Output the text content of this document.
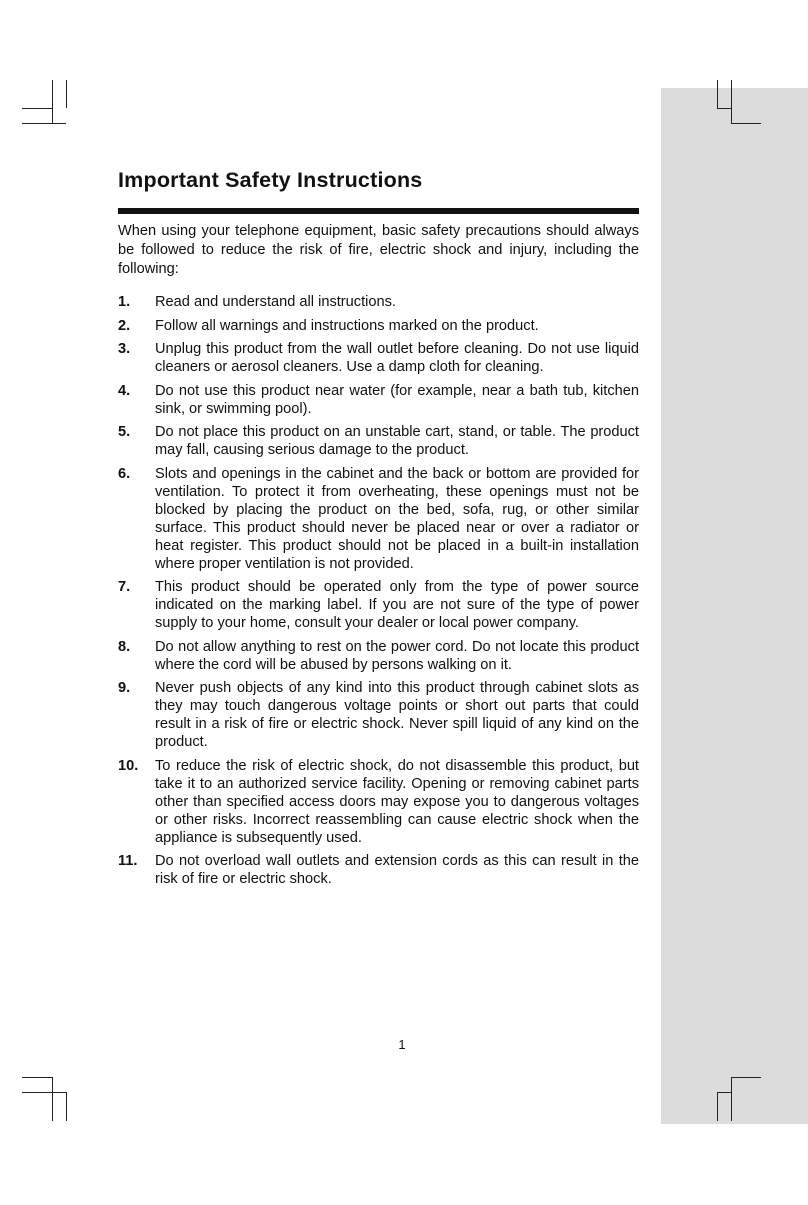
Important Safety Instructions

When using your telephone equipment, basic safety precautions should always be followed to reduce the risk of fire, electric shock and injury, including the following:

1.	Read and understand all instructions.
2.	Follow all warnings and instructions marked on the product.
3.	Unplug this product from the wall outlet before cleaning. Do not use liquid cleaners or aerosol cleaners. Use a damp cloth for cleaning.
4.	Do not use this product near water (for example, near a bath tub, kitchen sink, or swimming pool).
5.	Do not place this product on an unstable cart, stand, or table. The product may fall, causing serious damage to the product.
6.	Slots and openings in the cabinet and the back or bottom are provided for ventilation. To protect it from overheating, these openings must not be blocked by placing the product on the bed, sofa, rug, or other similar surface. This product should never be placed near or over a radiator or heat register. This product should not be placed in a built-in installation where proper ventilation is not provided.
7.	This product should be operated only from the type of power source indicated on the marking label. If you are not sure of the type of power supply to your home, consult your dealer or local power company.
8.	Do not allow anything to rest on the power cord. Do not locate this product where the cord will be abused by persons walking on it.
9.	Never push objects of any kind into this product through cabinet slots as they may touch dangerous voltage points or short out parts that could result in a risk of fire or electric shock. Never spill liquid of any kind on the product.
10.	To reduce the risk of electric shock, do not disassemble this product, but take it to an authorized service facility. Opening or removing cabinet parts other than specified access doors may expose you to dangerous voltages or other risks. Incorrect reassembling can cause electric shock when the appliance is subsequently used.
11.	Do not overload wall outlets and extension cords as this can result in the risk of fire or electric shock.
1
